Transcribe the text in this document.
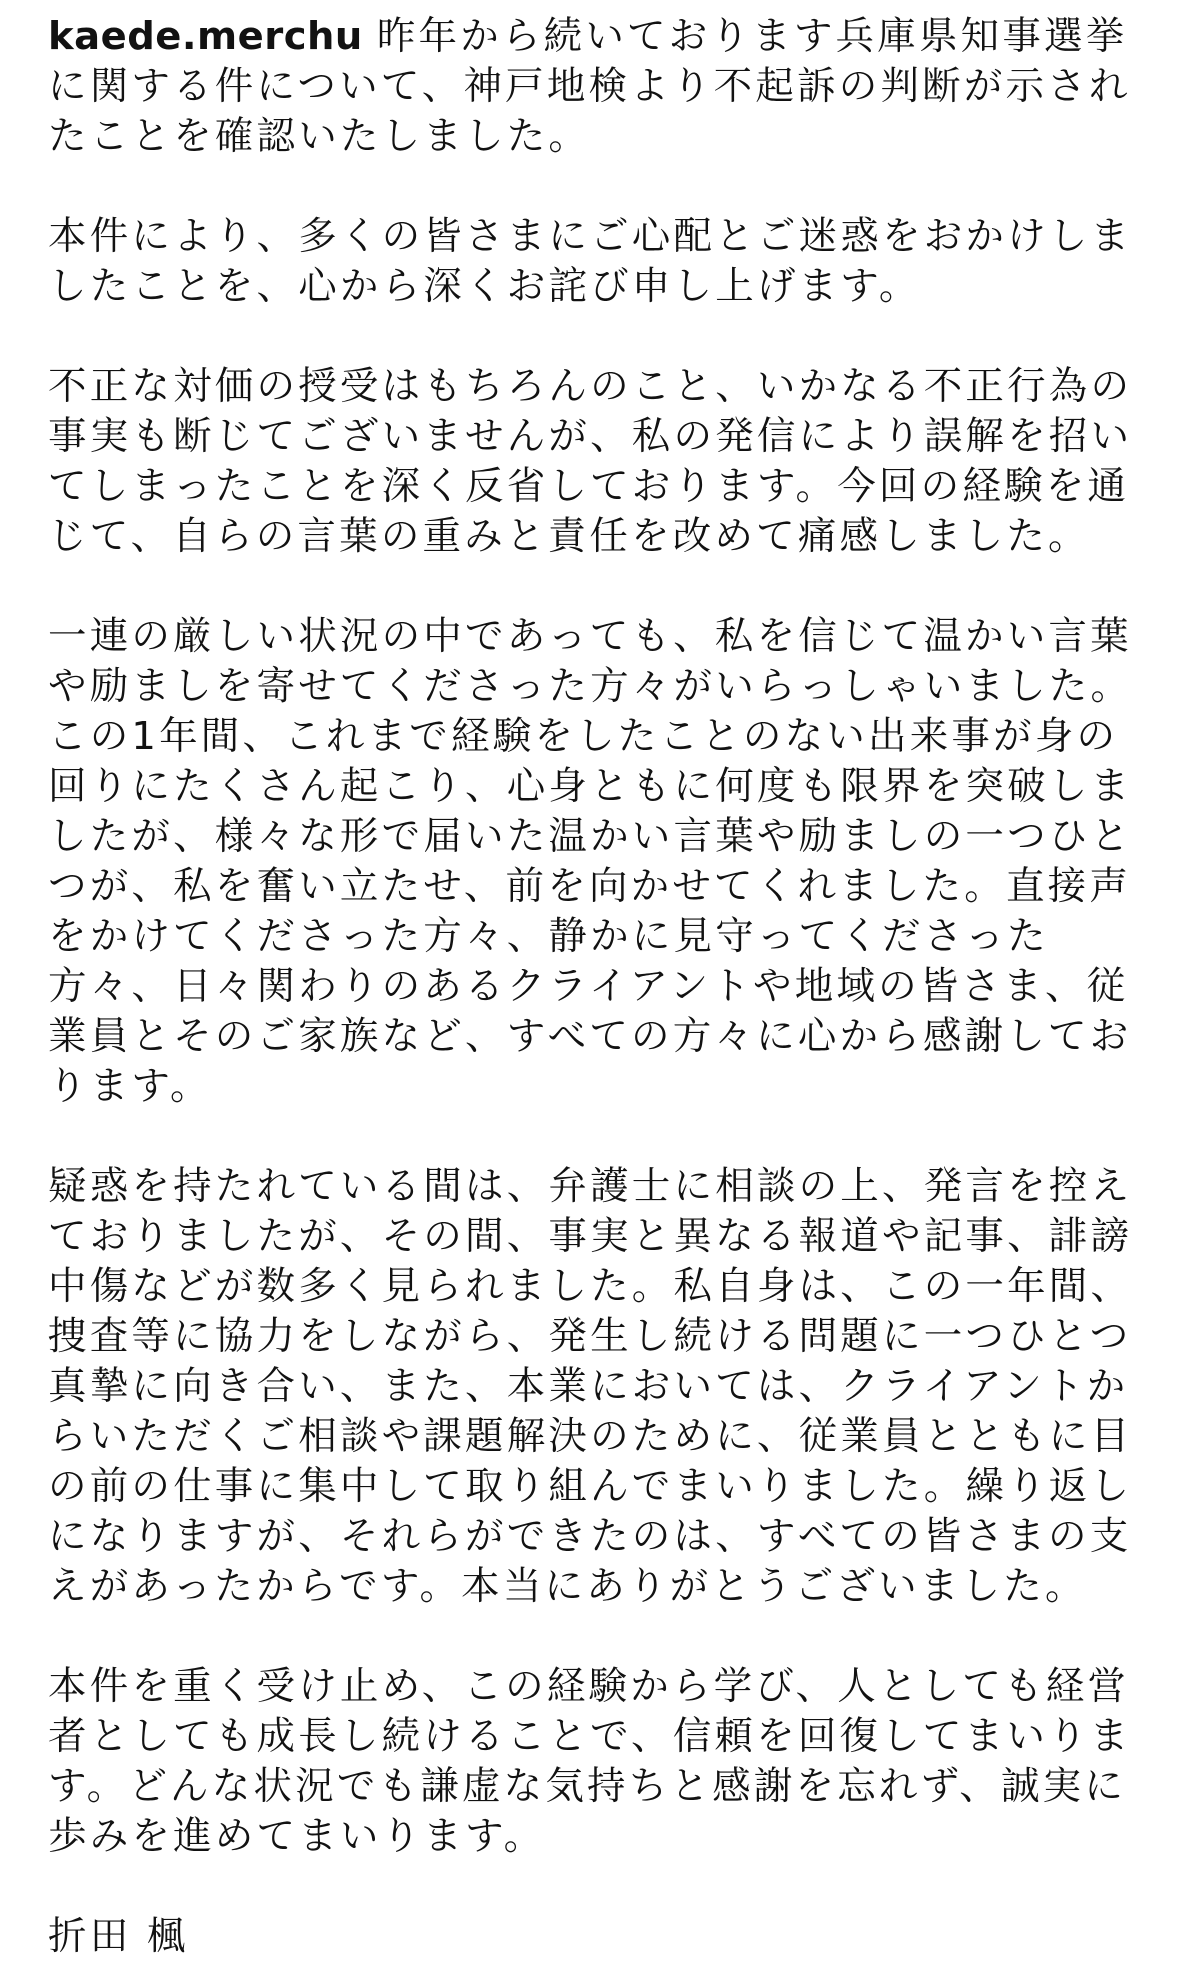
kaede.merchu 昨年から続いております兵庫県知事選挙に関する件について、神戸地検より不起訴の判断が示されたことを確認いたしました。

本件により、多くの皆さまにご心配とご迷惑をおかけしましたことを、心から深くお詫び申し上げます。

不正な対価の授受はもちろんのこと、いかなる不正行為の事実も断じてございませんが、私の発信により誤解を招いてしまったことを深く反省しております。今回の経験を通じて、自らの言葉の重みと責任を改めて痛感しました。

一連の厳しい状況の中であっても、私を信じて温かい言葉や励ましを寄せてくださった方々がいらっしゃいました。この1年間、これまで経験をしたことのない出来事が身の回りにたくさん起こり、心身ともに何度も限界を突破しましたが、様々な形で届いた温かい言葉や励ましの一つひとつが、私を奮い立たせ、前を向かせてくれました。直接声をかけてくださった方々、静かに見守ってくださった方々、日々関わりのあるクライアントや地域の皆さま、従業員とそのご家族など、すべての方々に心から感謝しております。

疑惑を持たれている間は、弁護士に相談の上、発言を控えておりましたが、その間、事実と異なる報道や記事、誹謗中傷などが数多く見られました。私自身は、この一年間、捜査等に協力をしながら、発生し続ける問題に一つひとつ真摯に向き合い、また、本業においては、クライアントからいただくご相談や課題解決のために、従業員とともに目の前の仕事に集中して取り組んでまいりました。繰り返しになりますが、それらができたのは、すべての皆さまの支えがあったからです。本当にありがとうございました。

本件を重く受け止め、この経験から学び、人としても経営者としても成長し続けることで、信頼を回復してまいります。どんな状況でも謙虚な気持ちと感謝を忘れず、誠実に歩みを進めてまいります。

折田 楓
